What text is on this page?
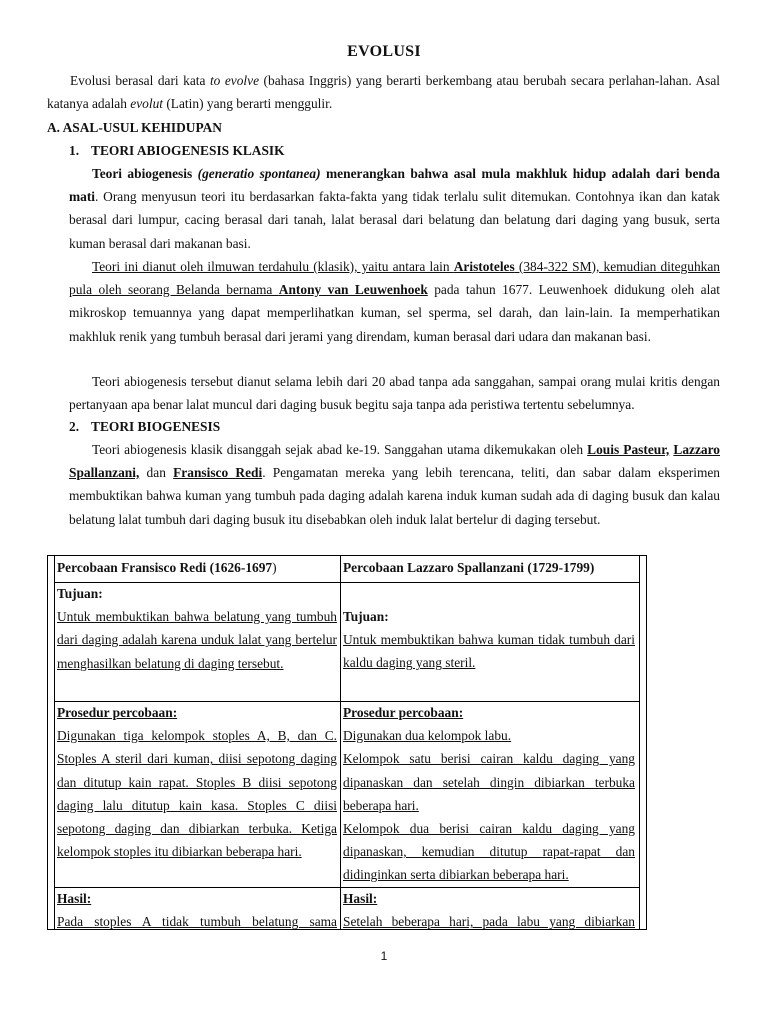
EVOLUSI
Evolusi berasal dari kata to evolve (bahasa Inggris) yang berarti berkembang atau berubah secara perlahan-lahan. Asal katanya adalah evolut (Latin) yang berarti menggulir.
A. ASAL-USUL KEHIDUPAN
1. TEORI ABIOGENESIS KLASIK
Teori abiogenesis (generatio spontanea) menerangkan bahwa asal mula makhluk hidup adalah dari benda mati. Orang menyusun teori itu berdasarkan fakta-fakta yang tidak terlalu sulit ditemukan. Contohnya ikan dan katak berasal dari lumpur, cacing berasal dari tanah, lalat berasal dari belatung dan belatung dari daging yang busuk, serta kuman berasal dari makanan basi.
Teori ini dianut oleh ilmuwan terdahulu (klasik), yaitu antara lain Aristoteles (384-322 SM), kemudian diteguhkan pula oleh seorang Belanda bernama Antony van Leuwenhoek pada tahun 1677. Leuwenhoek didukung oleh alat mikroskop temuannya yang dapat memperlihatkan kuman, sel sperma, sel darah, dan lain-lain. Ia memperhatikan makhluk renik yang tumbuh berasal dari jerami yang direndam, kuman berasal dari udara dan makanan basi.
Teori abiogenesis tersebut dianut selama lebih dari 20 abad tanpa ada sanggahan, sampai orang mulai kritis dengan pertanyaan apa benar lalat muncul dari daging busuk begitu saja tanpa ada peristiwa tertentu sebelumnya.
2. TEORI BIOGENESIS
Teori abiogenesis klasik disanggah sejak abad ke-19. Sanggahan utama dikemukakan oleh Louis Pasteur, Lazzaro Spallanzani, dan Fransisco Redi. Pengamatan mereka yang lebih terencana, teliti, dan sabar dalam eksperimen membuktikan bahwa kuman yang tumbuh pada daging adalah karena induk kuman sudah ada di daging busuk dan kalau belatung lalat tumbuh dari daging busuk itu disebabkan oleh induk lalat bertelur di daging tersebut.
Percobaan Fransisco Redi (1626-1697)	Percobaan Lazzaro Spallanzani (1729-1799)
Tujuan:
Untuk membuktikan bahwa belatung yang tumbuh dari daging adalah karena unduk lalat yang bertelur menghasilkan belatung di daging tersebut.
Tujuan:
Untuk membuktikan bahwa kuman tidak tumbuh dari kaldu daging yang steril.
Prosedur percobaan:
Digunakan tiga kelompok stoples A, B, dan C. Stoples A steril dari kuman, diisi sepotong daging dan ditutup kain rapat. Stoples B diisi sepotong daging lalu ditutup kain kasa. Stoples C diisi sepotong daging dan dibiarkan terbuka. Ketiga kelompok stoples itu dibiarkan beberapa hari.
Prosedur percobaan:
Digunakan dua kelompok labu.
Kelompok satu berisi cairan kaldu daging yang dipanaskan dan setelah dingin dibiarkan terbuka beberapa hari.
Kelompok dua berisi cairan kaldu daging yang dipanaskan, kemudian ditutup rapat-rapat dan didinginkan serta dibiarkan beberapa hari.
Hasil:
Pada stoples A tidak tumbuh belatung sama
Hasil:
Setelah beberapa hari, pada labu yang dibiarkan
1
